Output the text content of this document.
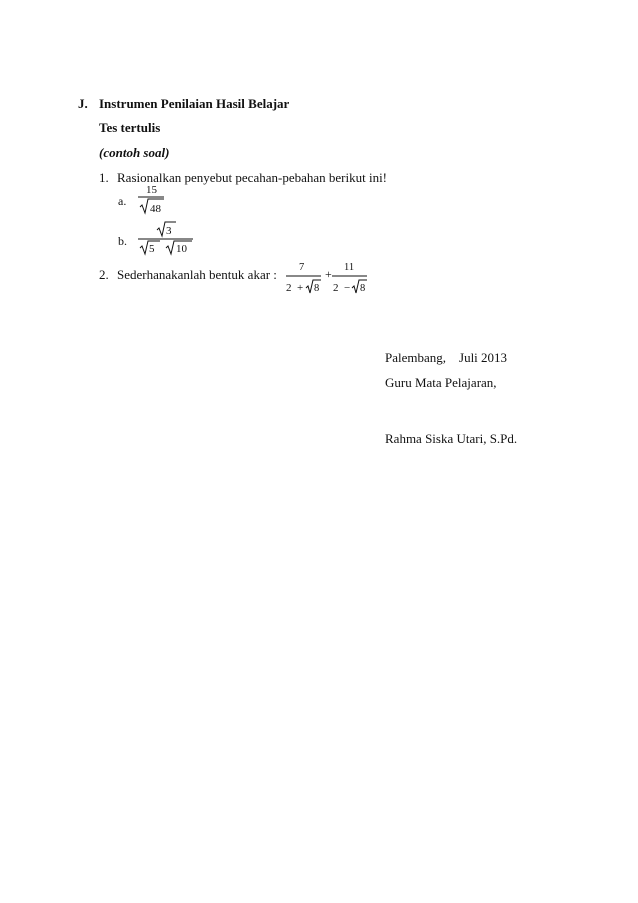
J. Instrumen Penilaian Hasil Belajar
Tes tertulis
(contoh soal)
1. Rasionalkan penyebut pecahan-pebahan berikut ini!
a.
15
48
b.
3
5 10
2. Sederhanakanlah bentuk akar : 7
2 + 8
+ 11
2 − 8
Palembang,    Juli 2013
Guru Mata Pelajaran,
Rahma Siska Utari, S.Pd.
